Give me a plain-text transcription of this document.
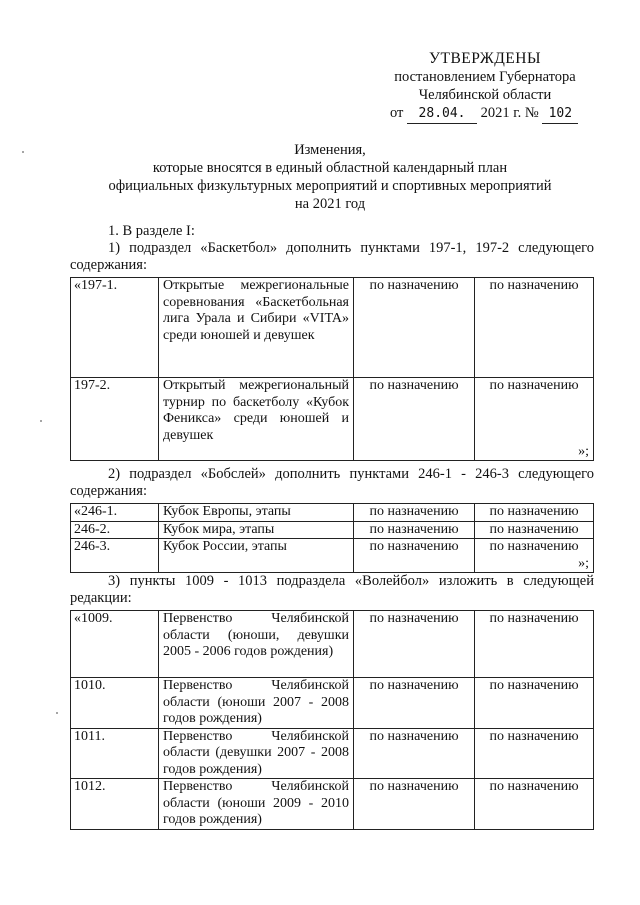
УТВЕРЖДЕНЫ
постановлением Губернатора
Челябинской области
от 28.04. 2021 г. № 102
Изменения,
которые вносятся в единый областной календарный план
официальных физкультурных мероприятий и спортивных мероприятий
на 2021 год
1. В разделе I:
1) подраздел «Баскетбол» дополнить пунктами 197-1, 197-2 следующего содержания:
«197-1.	Открытые межрегиональные соревнования «Баскетбольная лига Урала и Сибири «VITA» среди юношей и девушек	по назначению	по назначению
197-2.	Открытый межрегиональный турнир по баскетболу «Кубок Феникса» среди юношей и девушек	по назначению	по назначению
»;
2) подраздел «Бобслей» дополнить пунктами 246-1 - 246-3 следующего содержания:
«246-1.	Кубок Европы, этапы	по назначению	по назначению
246-2.	Кубок мира, этапы	по назначению	по назначению
246-3.	Кубок России, этапы	по назначению	по назначению
»;
3) пункты 1009 - 1013 подраздела «Волейбол» изложить в следующей редакции:
«1009.	Первенство Челябинской области (юноши, девушки 2005 - 2006 годов рождения)	по назначению	по назначению
1010.	Первенство Челябинской области (юноши 2007 - 2008 годов рождения)	по назначению	по назначению
1011.	Первенство Челябинской области (девушки 2007 - 2008 годов рождения)	по назначению	по назначению
1012.	Первенство Челябинской области (юноши 2009 - 2010 годов рождения)	по назначению	по назначению
